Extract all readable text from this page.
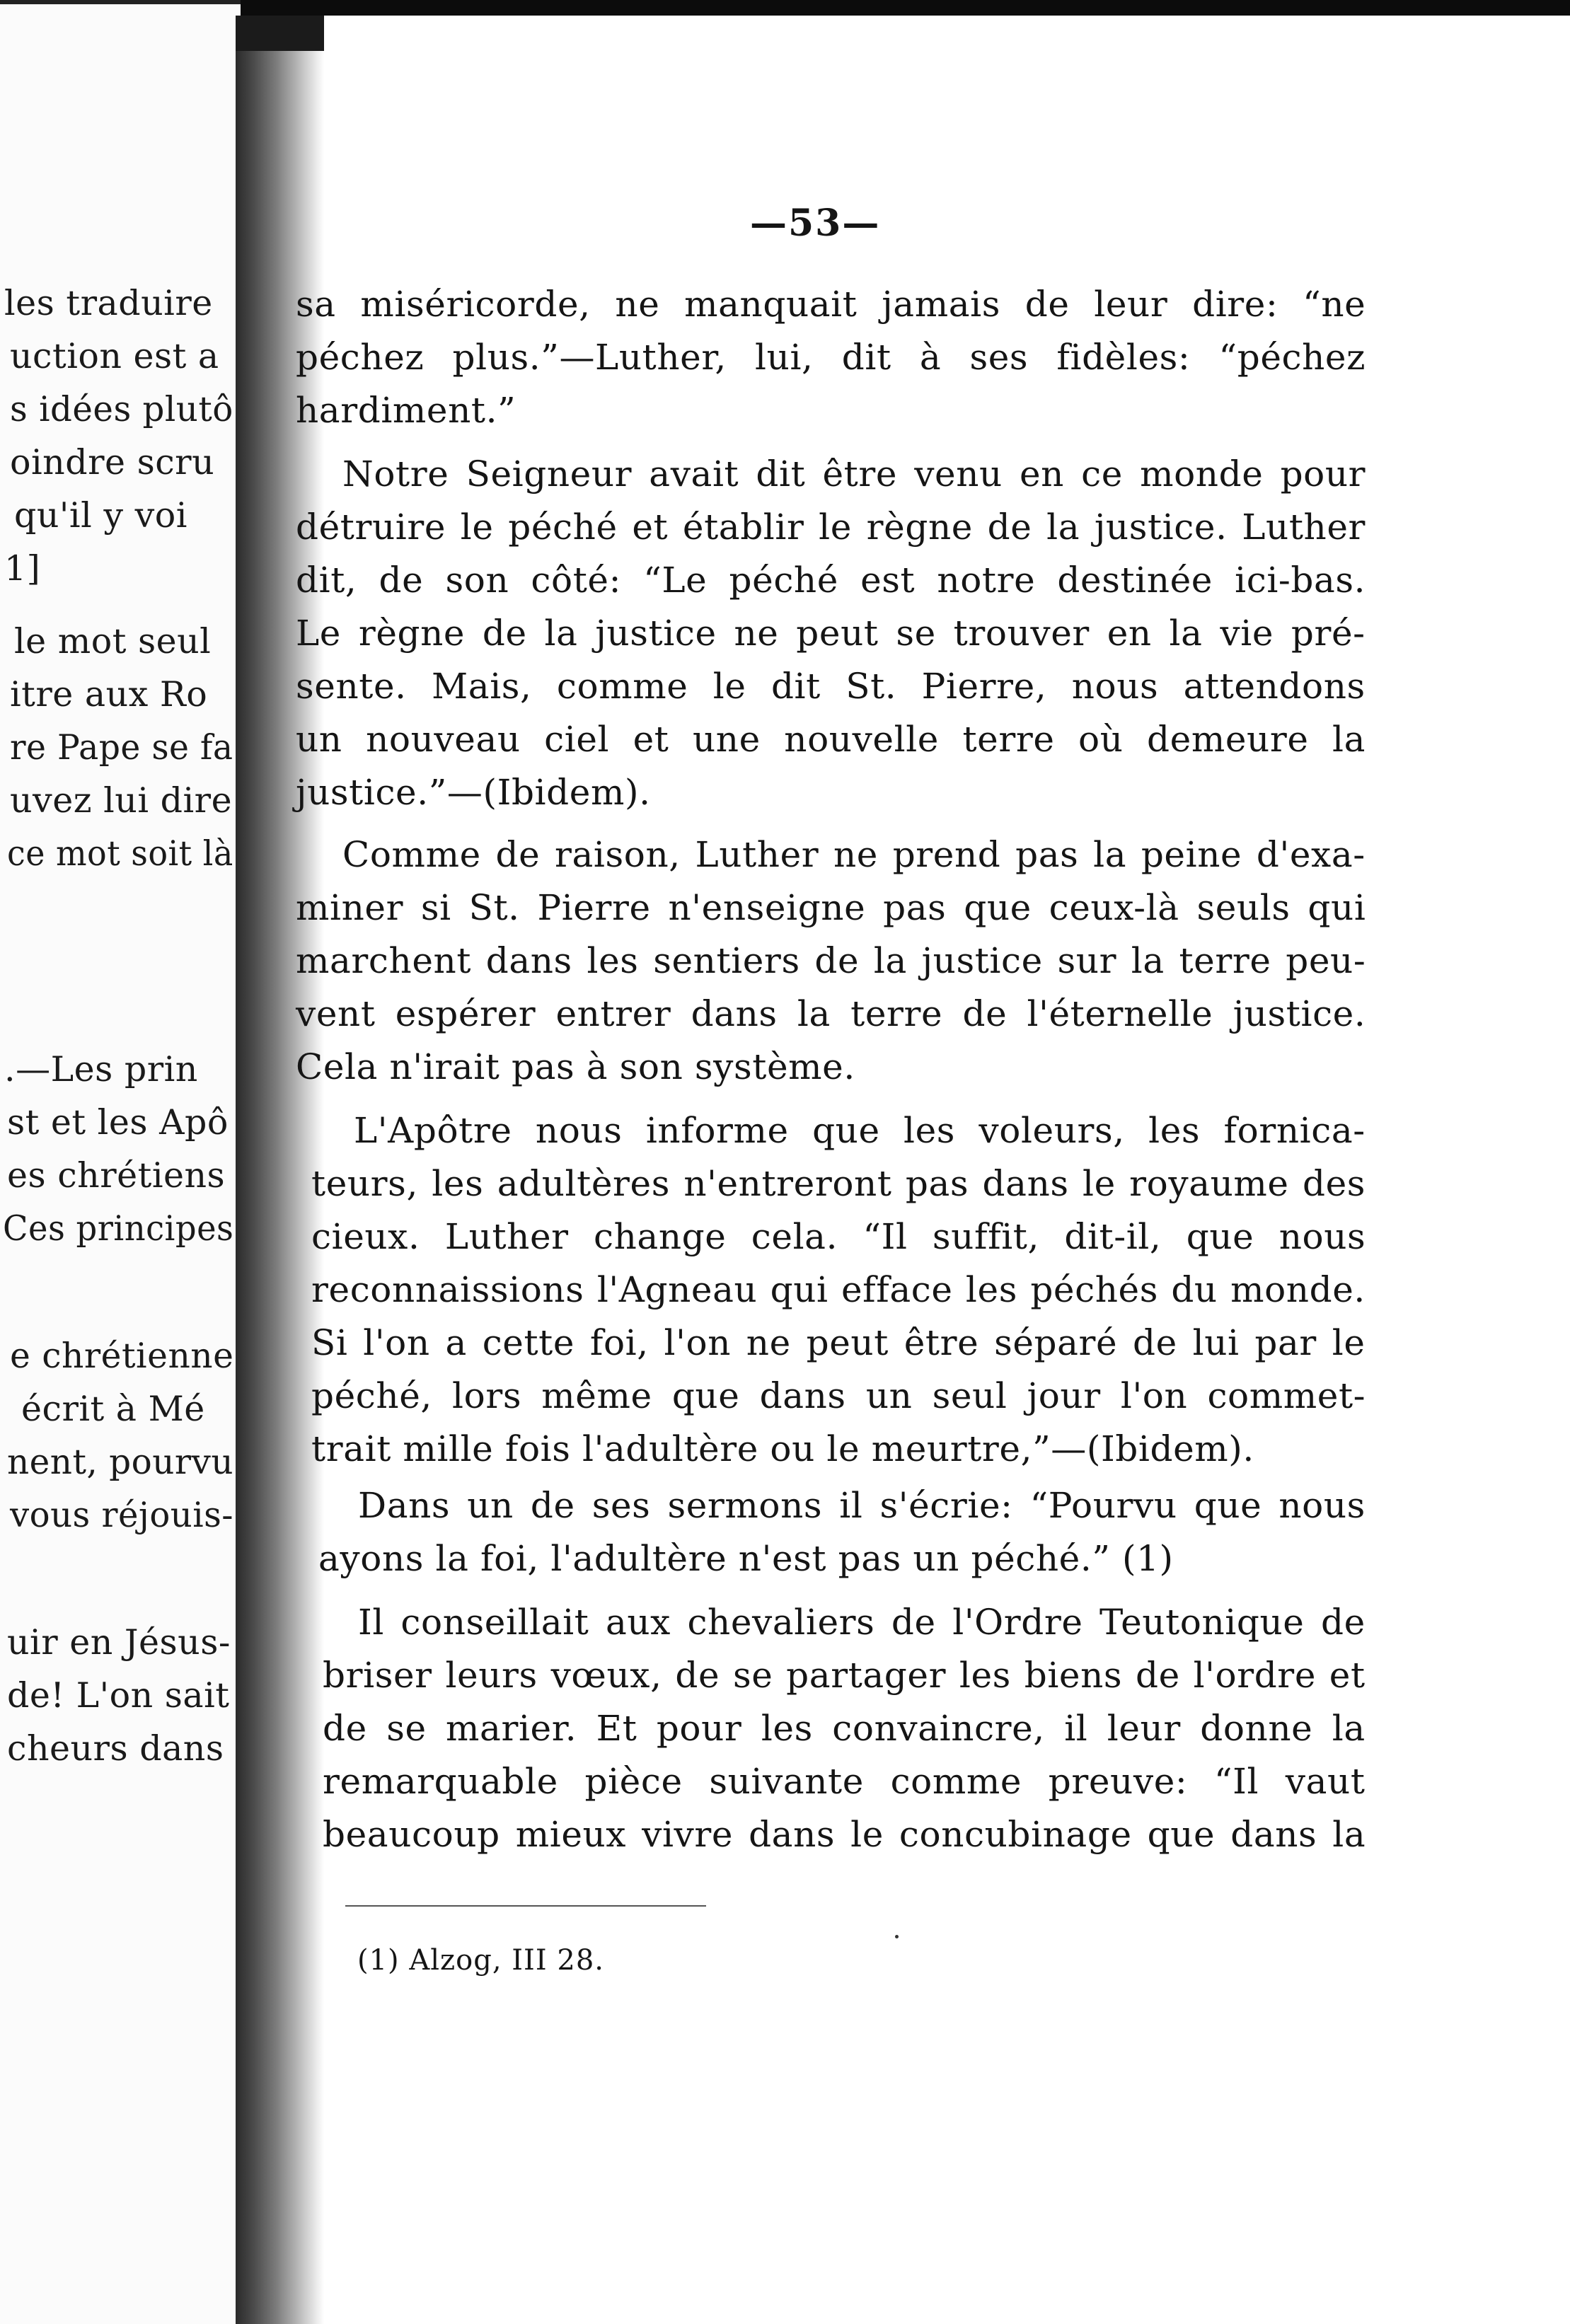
les traduire
uction est a
s idées plutô
oindre scru
qu'il y voi
1]
le mot seul
itre aux Ro
re Pape se fa
uvez lui dire
ce mot soit là
.—Les prin
st et les Apô
es chrétiens
Ces principes
e chrétienne
écrit à Mé
nent, pourvu
vous réjouis-
uir en Jésus-
de! L'on sait
cheurs dans
—53—
sa miséricorde, ne manquait jamais de leur dire: “ne
péchez plus.”—Luther, lui, dit à ses fidèles: “péchez
hardiment.”
Notre Seigneur avait dit être venu en ce monde pour
détruire le péché et établir le règne de la justice. Luther
dit, de son côté: “Le péché est notre destinée ici-bas.
Le règne de la justice ne peut se trouver en la vie pré-
sente. Mais, comme le dit St. Pierre, nous attendons
un nouveau ciel et une nouvelle terre où demeure la
justice.”—(Ibidem).
Comme de raison, Luther ne prend pas la peine d'exa-
miner si St. Pierre n'enseigne pas que ceux-là seuls qui
marchent dans les sentiers de la justice sur la terre peu-
vent espérer entrer dans la terre de l'éternelle justice.
Cela n'irait pas à son système.
L'Apôtre nous informe que les voleurs, les fornica-
teurs, les adultères n'entreront pas dans le royaume des
cieux. Luther change cela. “Il suffit, dit-il, que nous
reconnaissions l'Agneau qui efface les péchés du monde.
Si l'on a cette foi, l'on ne peut être séparé de lui par le
péché, lors même que dans un seul jour l'on commet-
trait mille fois l'adultère ou le meurtre,”—(Ibidem).
Dans un de ses sermons il s'écrie: “Pourvu que nous
ayons la foi, l'adultère n'est pas un péché.” (1)
Il conseillait aux chevaliers de l'Ordre Teutonique de
briser leurs vœux, de se partager les biens de l'ordre et
de se marier. Et pour les convaincre, il leur donne la
remarquable pièce suivante comme preuve: “Il vaut
beaucoup mieux vivre dans le concubinage que dans la
(1) Alzog, III 28.
